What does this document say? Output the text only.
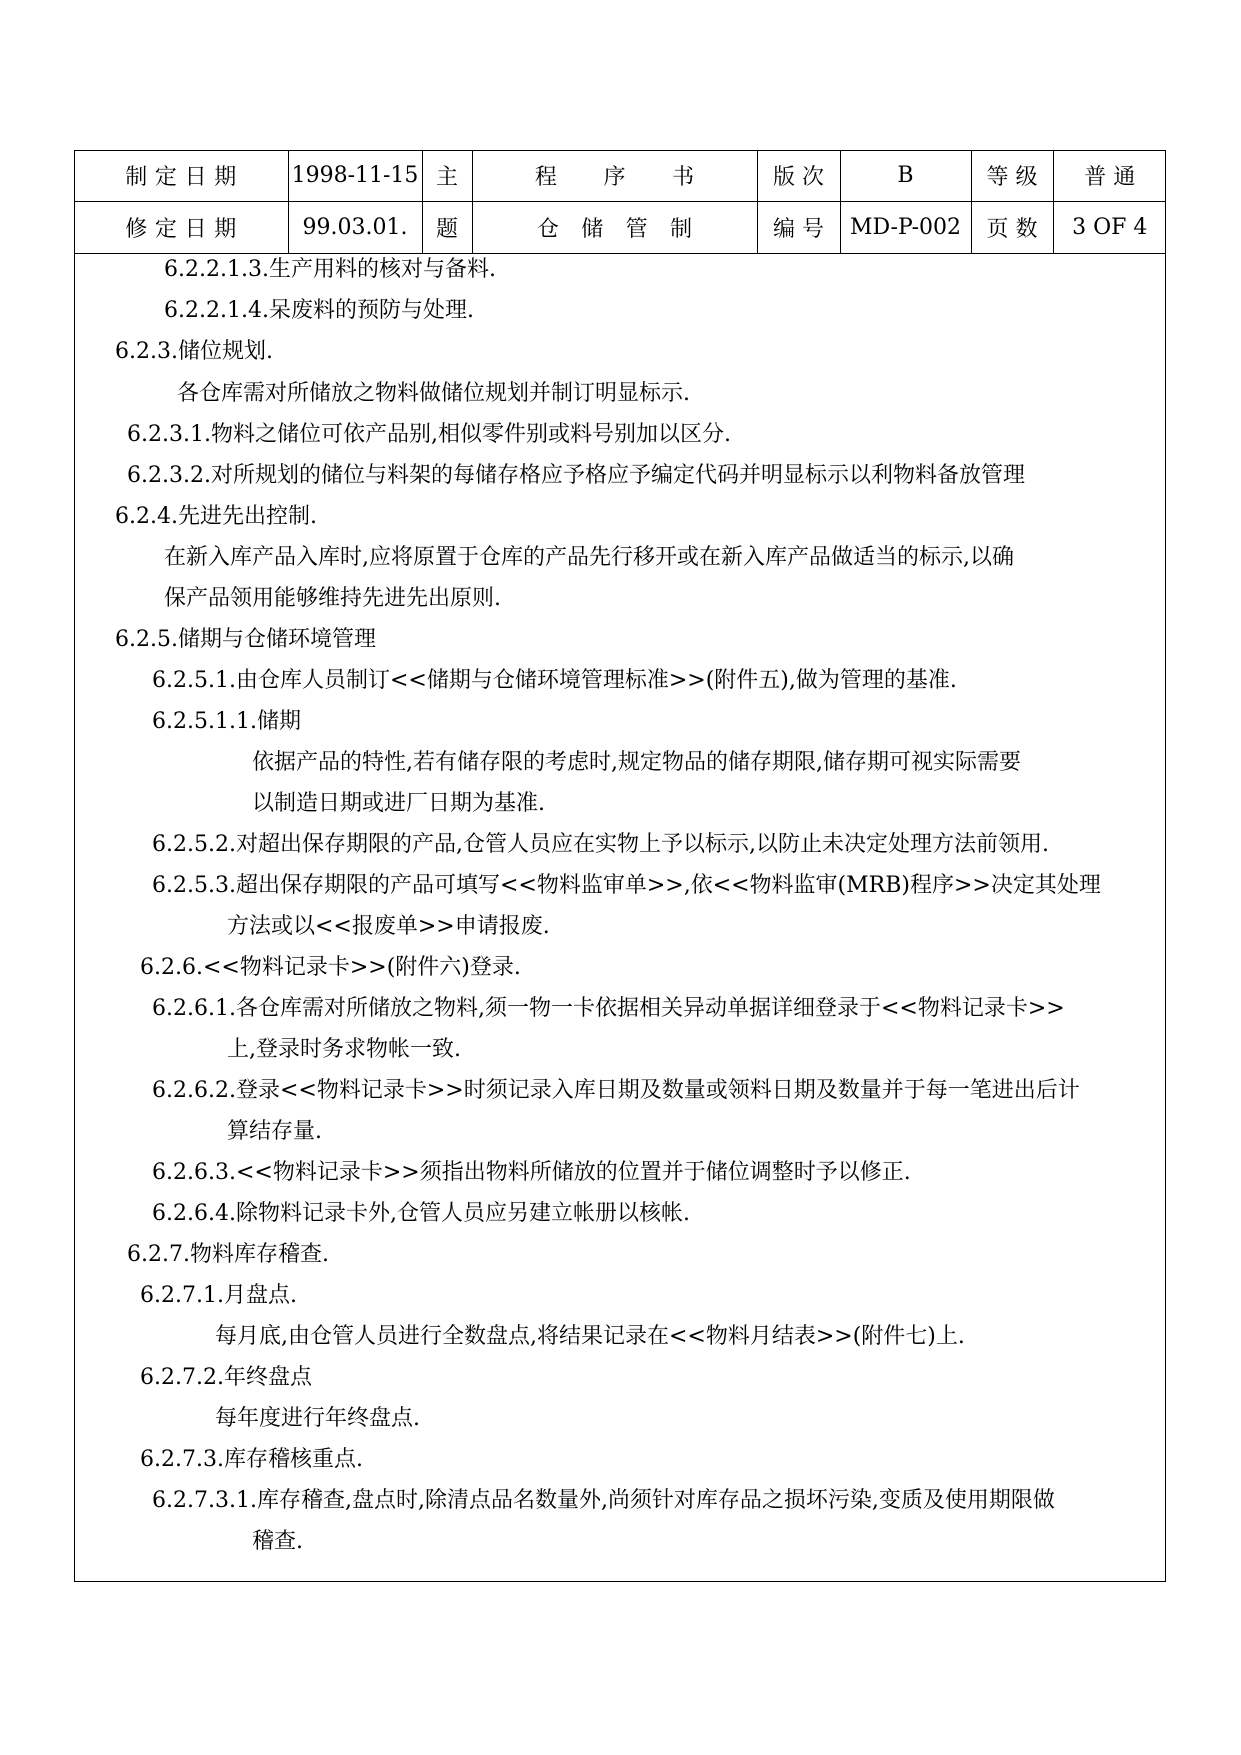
制定日期	1998-11-15	主	程 序 书	版 次	B	等 级	普 通
修定日期	99.03.01.	题	仓 储 管 制	编 号	MD-P-002	页 数	3 OF 4
6.2.2.1.3.生产用料的核对与备料.
6.2.2.1.4.呆废料的预防与处理.
6.2.3.储位规划.
各仓库需对所储放之物料做储位规划并制订明显标示.
6.2.3.1.物料之储位可依产品别,相似零件别或料号别加以区分.
6.2.3.2.对所规划的储位与料架的每储存格应予格应予编定代码并明显标示以利物料备放管理
6.2.4.先进先出控制.
在新入库产品入库时,应将原置于仓库的产品先行移开或在新入库产品做适当的标示,以确
保产品领用能够维持先进先出原则.
6.2.5.储期与仓储环境管理
6.2.5.1.由仓库人员制订<<储期与仓储环境管理标准>>(附件五),做为管理的基准.
6.2.5.1.1.储期
依据产品的特性,若有储存限的考虑时,规定物品的储存期限,储存期可视实际需要
以制造日期或进厂日期为基准.
6.2.5.2.对超出保存期限的产品,仓管人员应在实物上予以标示,以防止未决定处理方法前领用.
6.2.5.3.超出保存期限的产品可填写<<物料监审单>>,依<<物料监审(MRB)程序>>决定其处理
方法或以<<报废单>>申请报废.
6.2.6.<<物料记录卡>>(附件六)登录.
6.2.6.1.各仓库需对所储放之物料,须一物一卡依据相关异动单据详细登录于<<物料记录卡>>
上,登录时务求物帐一致.
6.2.6.2.登录<<物料记录卡>>时须记录入库日期及数量或领料日期及数量并于每一笔进出后计
算结存量.
6.2.6.3.<<物料记录卡>>须指出物料所储放的位置并于储位调整时予以修正.
6.2.6.4.除物料记录卡外,仓管人员应另建立帐册以核帐.
6.2.7.物料库存稽查.
6.2.7.1.月盘点.
每月底,由仓管人员进行全数盘点,将结果记录在<<物料月结表>>(附件七)上.
6.2.7.2.年终盘点
每年度进行年终盘点.
6.2.7.3.库存稽核重点.
6.2.7.3.1.库存稽查,盘点时,除清点品名数量外,尚须针对库存品之损坏污染,变质及使用期限做
稽查.
